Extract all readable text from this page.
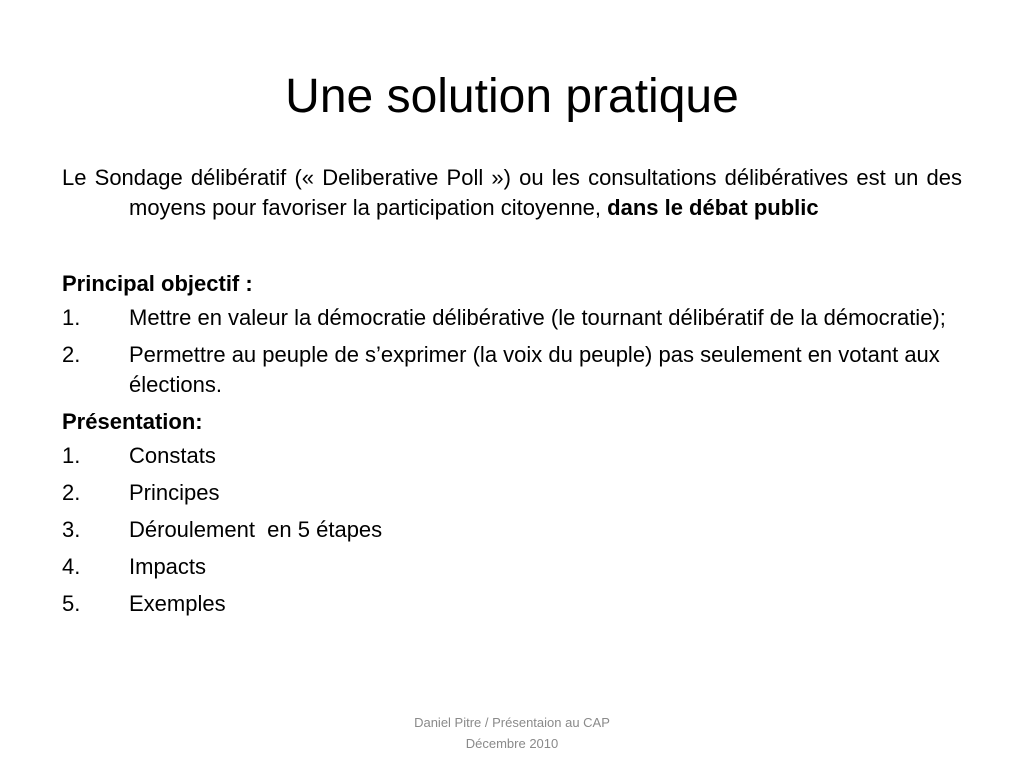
Une solution pratique

Le Sondage délibératif (« Deliberative Poll ») ou les consultations délibératives est un des moyens pour favoriser la participation citoyenne, dans le débat public

Principal objectif :

1.	Mettre en valeur la démocratie délibérative (le tournant délibératif de la démocratie);
2.	Permettre au peuple de s’exprimer (la voix du peuple) pas seulement en votant aux élections.

Présentation:

1.	Constats
2.	Principes
3.	Déroulement  en 5 étapes
4.	Impacts
5.	Exemples
Daniel Pitre / Présentaion au CAP
Décembre 2010
